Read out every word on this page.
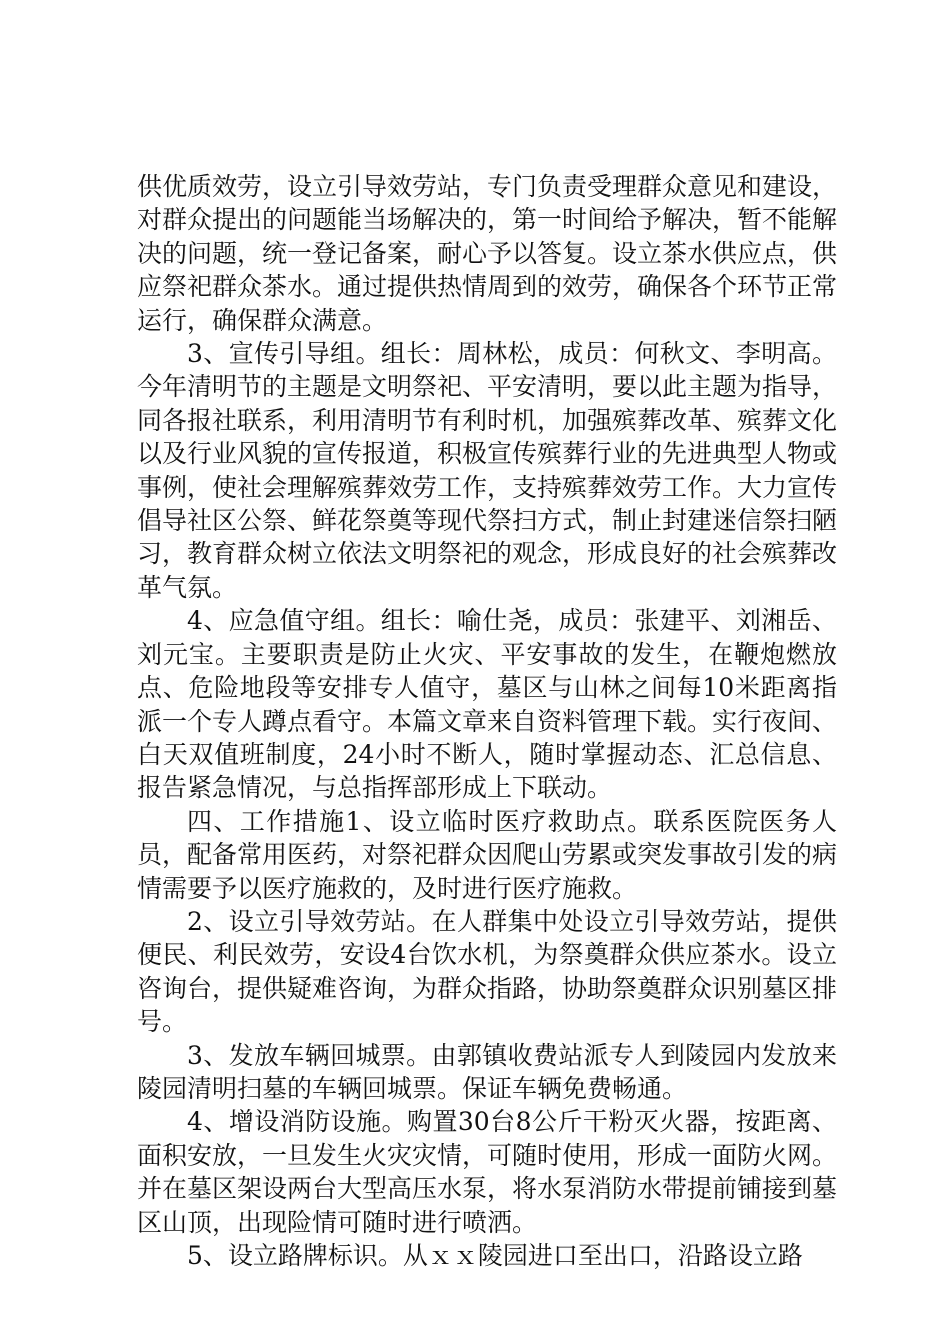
供优质效劳，设立引导效劳站，专门负责受理群众意见和建设，对群众提出的问题能当场解决的，第一时间给予解决，暂不能解决的问题，统一登记备案，耐心予以答复。设立茶水供应点，供应祭祀群众茶水。通过提供热情周到的效劳，确保各个环节正常运行，确保群众满意。

3、宣传引导组。组长：周林松，成员：何秋文、李明高。今年清明节的主题是文明祭祀、平安清明，要以此主题为指导，同各报社联系，利用清明节有利时机，加强殡葬改革、殡葬文化以及行业风貌的宣传报道，积极宣传殡葬行业的先进典型人物或事例，使社会理解殡葬效劳工作，支持殡葬效劳工作。大力宣传倡导社区公祭、鲜花祭奠等现代祭扫方式，制止封建迷信祭扫陋习，教育群众树立依法文明祭祀的观念，形成良好的社会殡葬改革气氛。

4、应急值守组。组长：喻仕尧，成员：张建平、刘湘岳、刘元宝。主要职责是防止火灾、平安事故的发生，在鞭炮燃放点、危险地段等安排专人值守，墓区与山林之间每10米距离指派一个专人蹲点看守。本篇文章来自资料管理下载。实行夜间、白天双值班制度，24小时不断人，随时掌握动态、汇总信息、报告紧急情况，与总指挥部形成上下联动。

四、工作措施1、设立临时医疗救助点。联系医院医务人员，配备常用医药，对祭祀群众因爬山劳累或突发事故引发的病情需要予以医疗施救的，及时进行医疗施救。

2、设立引导效劳站。在人群集中处设立引导效劳站，提供便民、利民效劳，安设4台饮水机，为祭奠群众供应茶水。设立咨询台，提供疑难咨询，为群众指路，协助祭奠群众识别墓区排号。

3、发放车辆回城票。由郭镇收费站派专人到陵园内发放来陵园清明扫墓的车辆回城票。保证车辆免费畅通。

4、增设消防设施。购置30台8公斤干粉灭火器，按距离、面积安放，一旦发生火灾灾情，可随时使用，形成一面防火网。并在墓区架设两台大型高压水泵，将水泵消防水带提前铺接到墓区山顶，出现险情可随时进行喷洒。

5、设立路牌标识。从ｘｘ陵园进口至出口，沿路设立路
